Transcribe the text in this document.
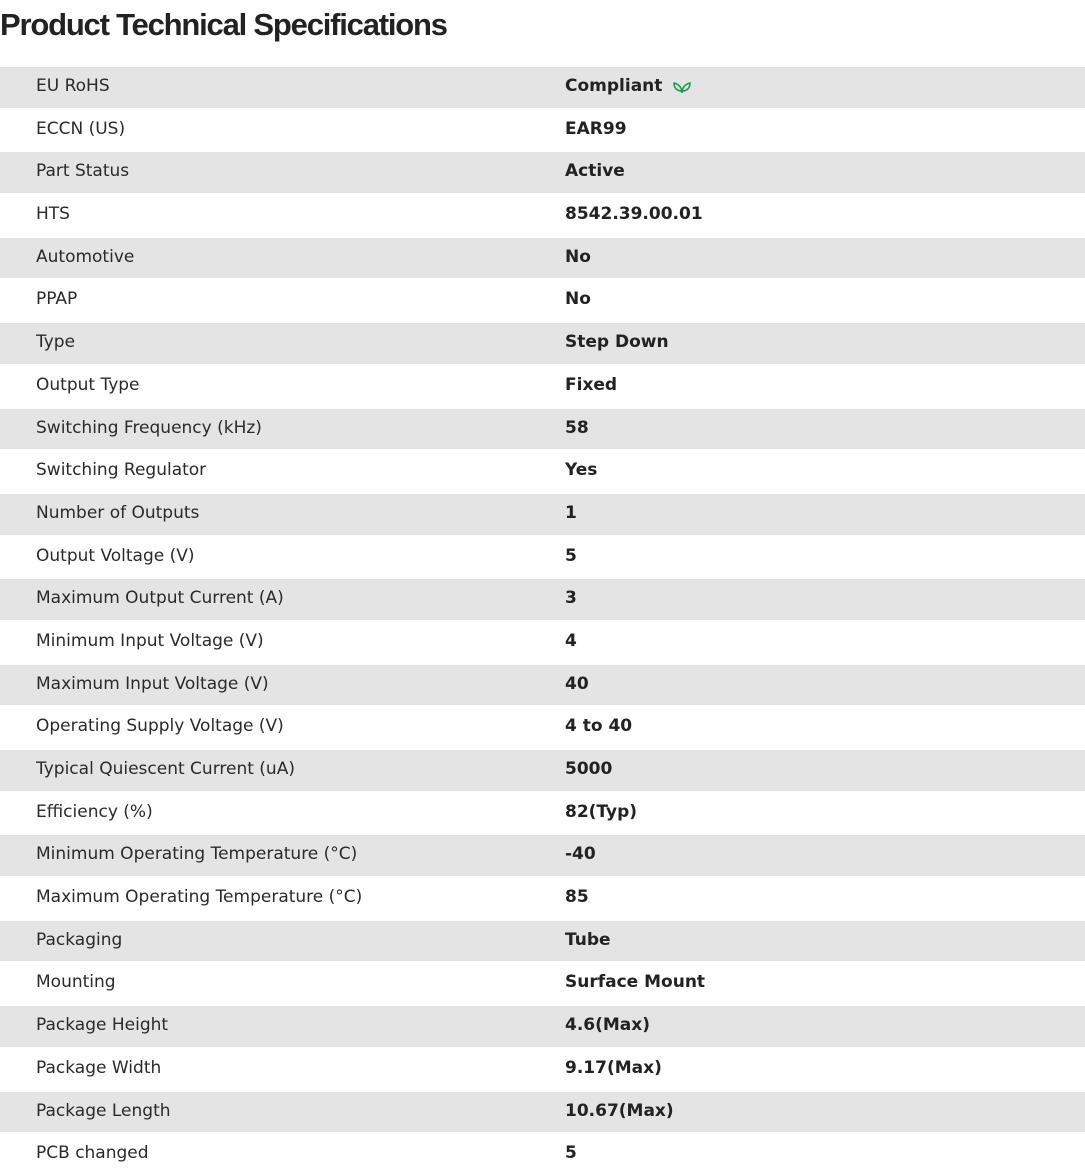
Product Technical Specifications
EU RoHS	Compliant
ECCN (US)	EAR99
Part Status	Active
HTS	8542.39.00.01
Automotive	No
PPAP	No
Type	Step Down
Output Type	Fixed
Switching Frequency (kHz)	58
Switching Regulator	Yes
Number of Outputs	1
Output Voltage (V)	5
Maximum Output Current (A)	3
Minimum Input Voltage (V)	4
Maximum Input Voltage (V)	40
Operating Supply Voltage (V)	4 to 40
Typical Quiescent Current (uA)	5000
Efficiency (%)	82(Typ)
Minimum Operating Temperature (°C)	-40
Maximum Operating Temperature (°C)	85
Packaging	Tube
Mounting	Surface Mount
Package Height	4.6(Max)
Package Width	9.17(Max)
Package Length	10.67(Max)
PCB changed	5
